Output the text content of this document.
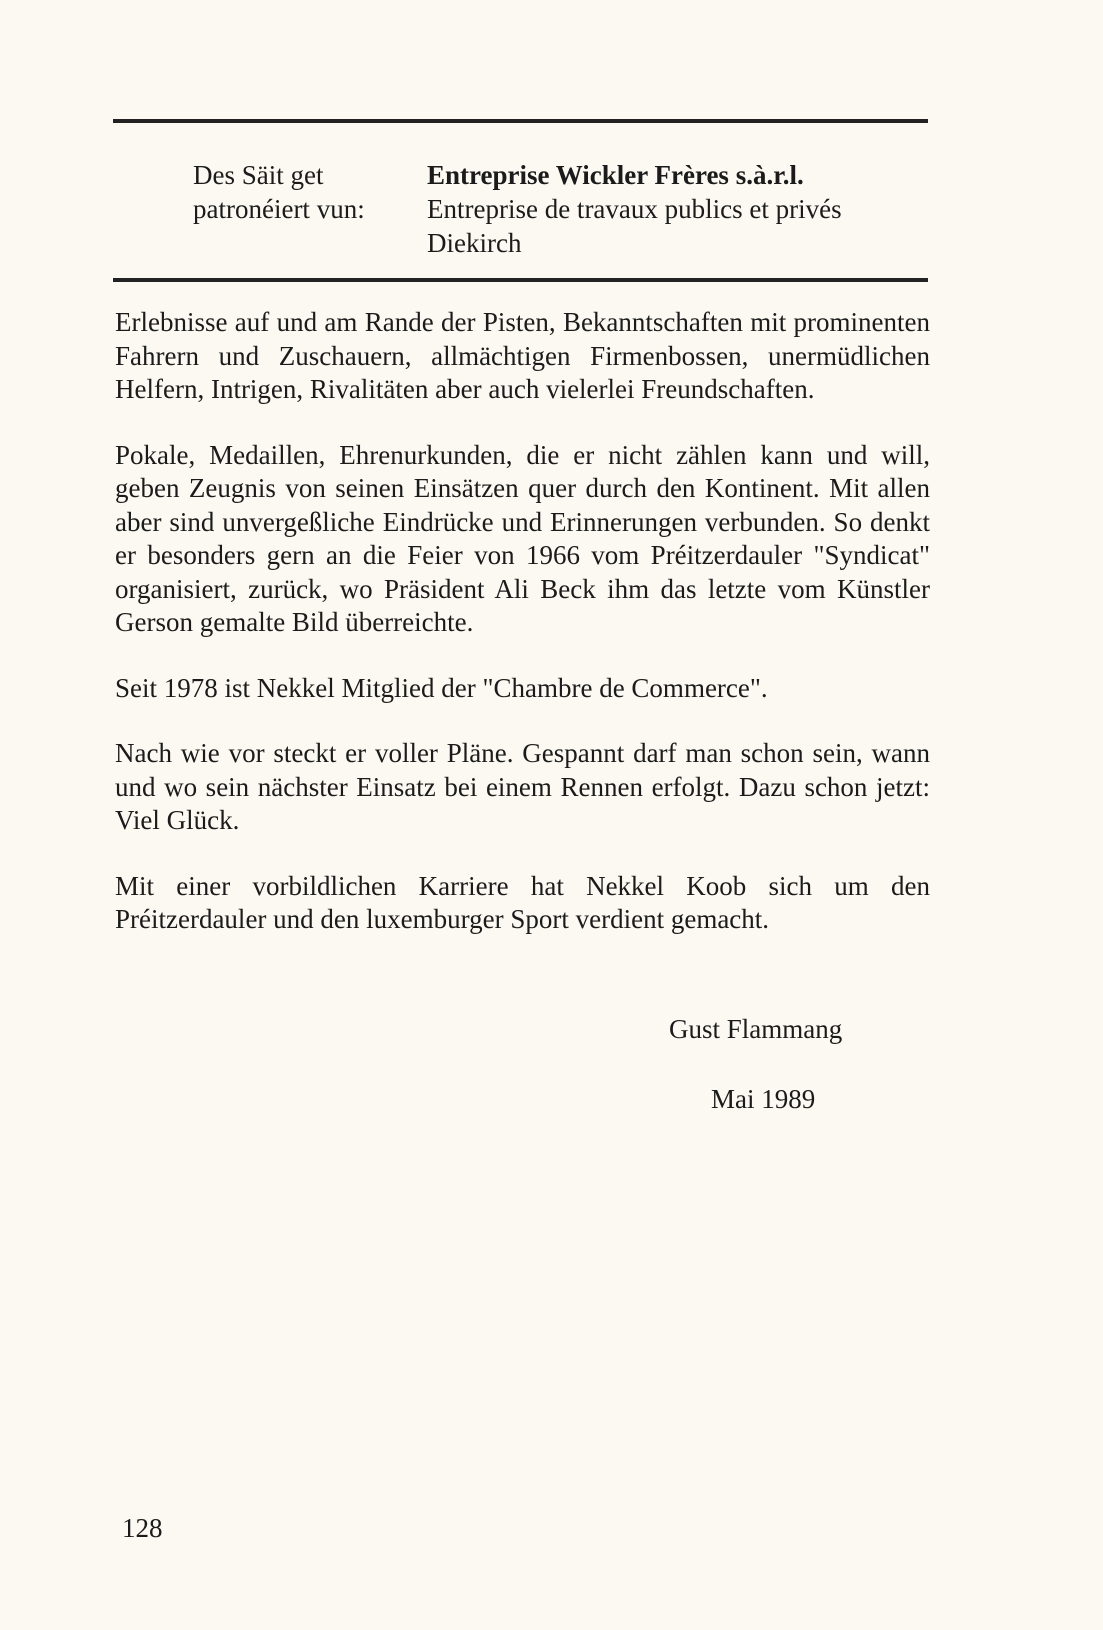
Des Säit get
patronéiert vun:
Entreprise Wickler Frères s.à.r.l.
Entreprise de travaux publics et privés
Diekirch

Erlebnisse auf und am Rande der Pisten, Bekanntschaften mit prominenten Fahrern und Zuschauern, allmächtigen Firmenbossen, unermüdlichen Helfern, Intrigen, Rivalitäten aber auch vielerlei Freundschaften.

Pokale, Medaillen, Ehrenurkunden, die er nicht zählen kann und will, geben Zeugnis von seinen Einsätzen quer durch den Kontinent. Mit allen aber sind unvergeßliche Eindrücke und Erinnerungen verbunden. So denkt er besonders gern an die Feier von 1966 vom Préitzerdauler "Syndicat" organisiert, zurück, wo Präsident Ali Beck ihm das letzte vom Künstler Gerson gemalte Bild überreichte.

Seit 1978 ist Nekkel Mitglied der "Chambre de Commerce".

Nach wie vor steckt er voller Pläne. Gespannt darf man schon sein, wann und wo sein nächster Einsatz bei einem Rennen erfolgt. Dazu schon jetzt: Viel Glück.

Mit einer vorbildlichen Karriere hat Nekkel Koob sich um den Préitzerdauler und den luxemburger Sport verdient gemacht.

Gust Flammang
Mai 1989
128
